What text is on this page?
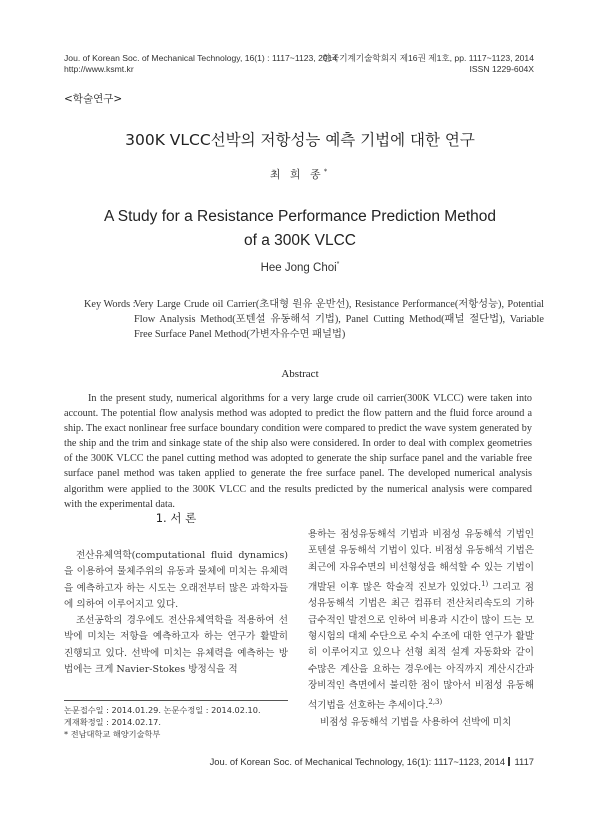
Jou. of Korean Soc. of Mechanical Technology, 16(1) : 1117~1123, 2014
http://www.ksmt.kr
한국기계기술학회지 제16권 제1호, pp. 1117~1123, 2014
ISSN 1229-604X
<학술연구>
300K VLCC선박의 저항성능 예측 기법에 대한 연구
최 희 종*
A Study for a Resistance Performance Prediction Method
of a 300K VLCC
Hee Jong Choi*
Key Words :
Very Large Crude oil Carrier(초대형 원유 운반선), Resistance Performance(저항성능), Potential Flow Analysis Method(포텐셜 유동해석 기법), Panel Cutting Method(패널 절단법), Variable Free Surface Panel Method(가변자유수면 패널법)
Abstract

In the present study, numerical algorithms for a very large crude oil carrier(300K VLCC) were taken into account. The potential flow analysis method was adopted to predict the flow pattern and the fluid force around a ship. The exact nonlinear free surface boundary condition were compared to predict the wave system generated by the ship and the trim and sinkage state of the ship also were considered. In order to deal with complex geometries of the 300K VLCC the panel cutting method was adopted to generate the ship surface panel and the variable free surface panel method was taken applied to generate the free surface panel. The developed numerical analysis algorithm were applied to the 300K VLCC and the results predicted by the numerical analysis were compared with the experimental data.

1. 서 론

전산유체역학(computational fluid dynamics)을 이용하여 물체주위의 유동과 물체에 미치는 유체력을 예측하고자 하는 시도는 오래전부터 많은 과학자들에 의하여 이루어지고 있다.

조선공학의 경우에도 전산유체역학을 적용하여 선박에 미치는 저항을 예측하고자 하는 연구가 활발히 진행되고 있다. 선박에 미치는 유체력을 예측하는 방법에는 크게 Navier-Stokes 방정식을 적

용하는 점성유동해석 기법과 비점성 유동해석 기법인 포텐셜 유동해석 기법이 있다. 비점성 유동해석 기법은 최근에 자유수면의 비선형성을 해석할 수 있는 기법이 개발된 이후 많은 학술적 진보가 있었다.$^{1)}$ 그리고 점성유동해석 기법은 최근 컴퓨터 전산처리속도의 기하급수적인 발전으로 인하여 비용과 시간이 많이 드는 모형시험의 대체 수단으로 수치 수조에 대한 연구가 활발히 이루어지고 있으나 선형 최적 설계 자동화와 같이 수많은 계산을 요하는 경우에는 아직까지 계산시간과 장비적인 측면에서 불리한 점이 많아서 비점성 유동해석기법을 선호하는 추세이다.$^{2,3)}$

비점성 유동해석 기법을 사용하여 선박에 미치

논문접수일 : 2014.01.29. 논문수정일 : 2014.02.10.
게재확정일 : 2014.02.17.
* 전남대학교 해양기술학부
Jou. of Korean Soc. of Mechanical Technology, 16(1): 1117~1123, 2014 1117
